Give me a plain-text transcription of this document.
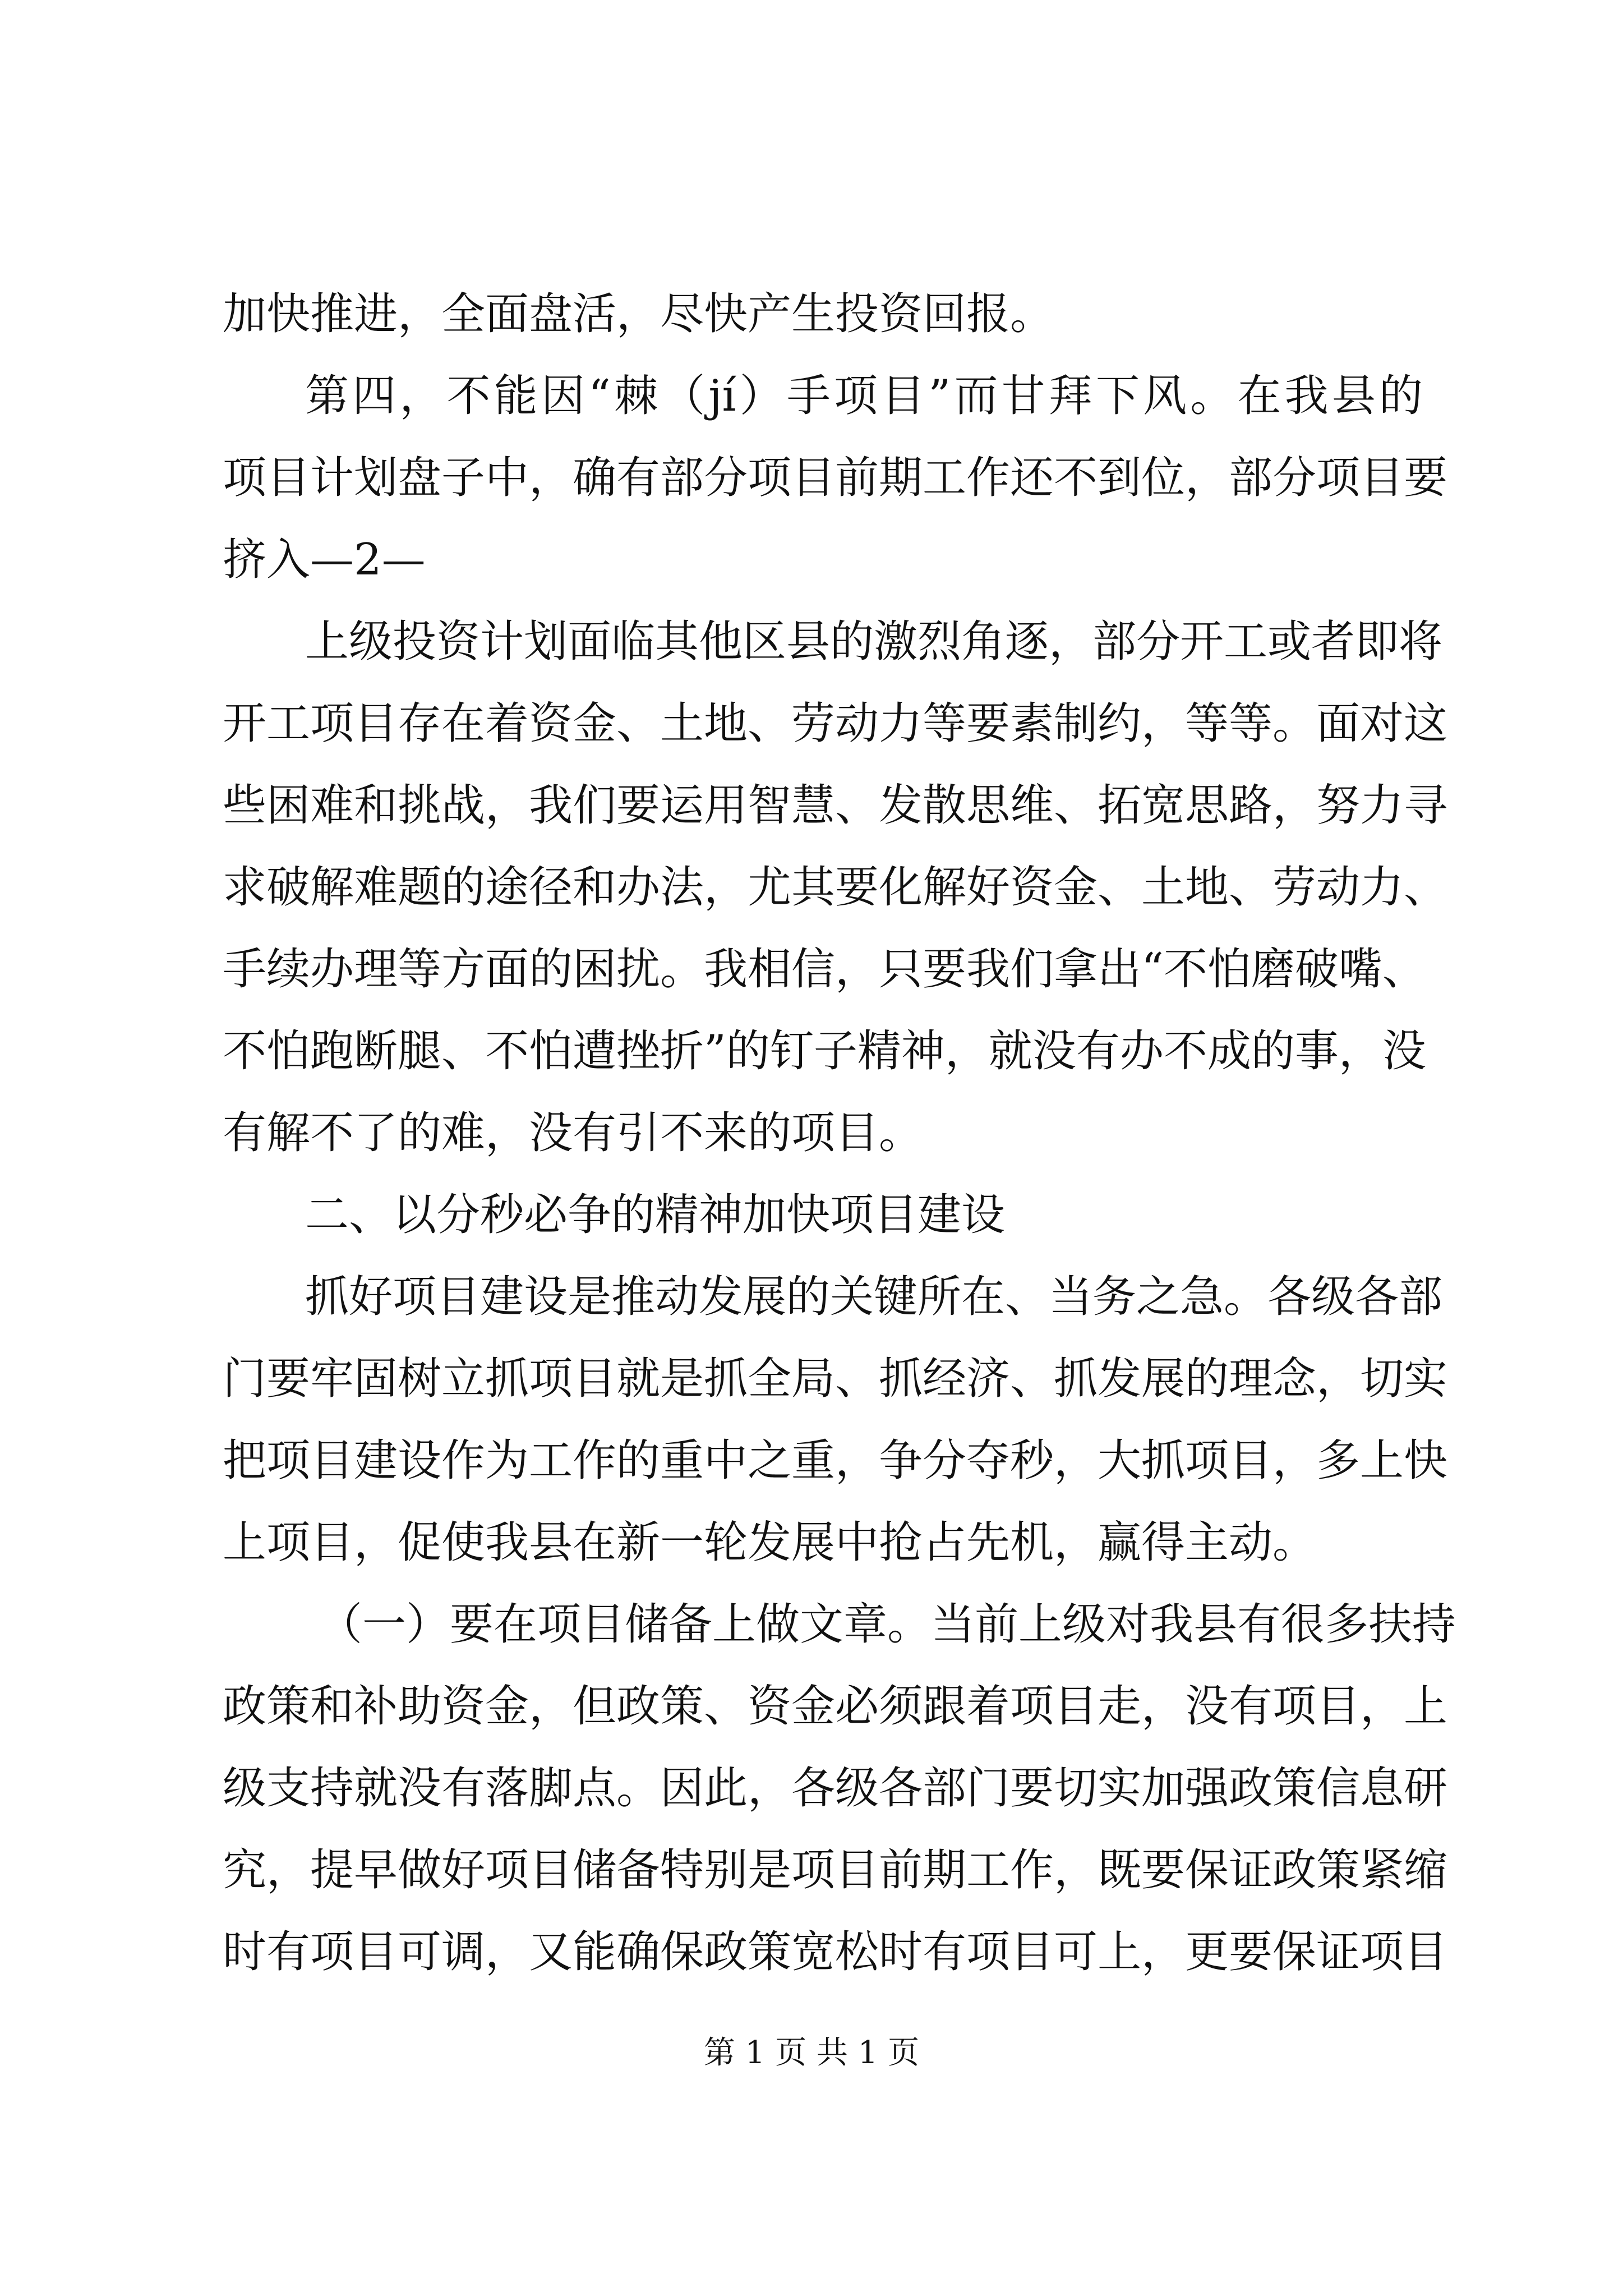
加快推进，全面盘活，尽快产生投资回报。
第四，不能因“棘（jí）手项目”而甘拜下风。在我县的
项目计划盘子中，确有部分项目前期工作还不到位，部分项目要
挤入—2—
上级投资计划面临其他区县的激烈角逐，部分开工或者即将
开工项目存在着资金、土地、劳动力等要素制约，等等。面对这
些困难和挑战，我们要运用智慧、发散思维、拓宽思路，努力寻
求破解难题的途径和办法，尤其要化解好资金、土地、劳动力、
手续办理等方面的困扰。我相信，只要我们拿出“不怕磨破嘴、
不怕跑断腿、不怕遭挫折”的钉子精神，就没有办不成的事，没
有解不了的难，没有引不来的项目。
二、以分秒必争的精神加快项目建设
抓好项目建设是推动发展的关键所在、当务之急。各级各部
门要牢固树立抓项目就是抓全局、抓经济、抓发展的理念，切实
把项目建设作为工作的重中之重，争分夺秒，大抓项目，多上快
上项目，促使我县在新一轮发展中抢占先机，赢得主动。
（一）要在项目储备上做文章。当前上级对我县有很多扶持
政策和补助资金，但政策、资金必须跟着项目走，没有项目，上
级支持就没有落脚点。因此，各级各部门要切实加强政策信息研
究，提早做好项目储备特别是项目前期工作，既要保证政策紧缩
时有项目可调，又能确保政策宽松时有项目可上，更要保证项目
第 1 页 共 1 页
